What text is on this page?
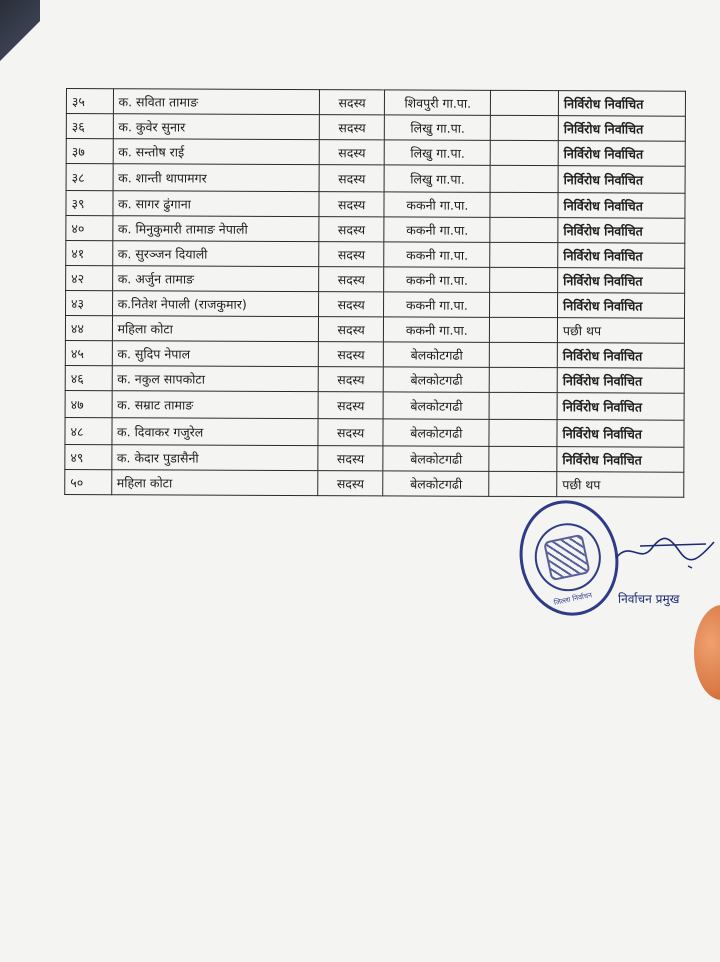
३५	क. सविता तामाङ	सदस्य	शिवपुरी गा.पा.		निर्विरोध निर्वाचित
३६	क. कुवेर सुनार	सदस्य	लिखु गा.पा.		निर्विरोध निर्वाचित
३७	क. सन्तोष राई	सदस्य	लिखु गा.पा.		निर्विरोध निर्वाचित
३८	क. शान्ती थापामगर	सदस्य	लिखु गा.पा.		निर्विरोध निर्वाचित
३९	क. सागर ढुंगाना	सदस्य	ककनी गा.पा.		निर्विरोध निर्वाचित
४०	क. मिनुकुमारी तामाङ नेपाली	सदस्य	ककनी गा.पा.		निर्विरोध निर्वाचित
४१	क. सुरञ्जन दियाली	सदस्य	ककनी गा.पा.		निर्विरोध निर्वाचित
४२	क. अर्जुन तामाङ	सदस्य	ककनी गा.पा.		निर्विरोध निर्वाचित
४३	क.नितेश नेपाली (राजकुमार)	सदस्य	ककनी गा.पा.		निर्विरोध निर्वाचित
४४	महिला कोटा	सदस्य	ककनी गा.पा.		पछी थप
४५	क. सुदिप नेपाल	सदस्य	बेलकोटगढी		निर्विरोध निर्वाचित
४६	क. नकुल सापकोटा	सदस्य	बेलकोटगढी		निर्विरोध निर्वाचित
४७	क. सम्राट तामाङ	सदस्य	बेलकोटगढी		निर्विरोध निर्वाचित
४८	क. दिवाकर गजुरेल	सदस्य	बेलकोटगढी		निर्विरोध निर्वाचित
४९	क. केदार पुडासैनी	सदस्य	बेलकोटगढी		निर्विरोध निर्वाचित
५०	महिला कोटा	सदस्य	बेलकोटगढी		पछी थप
जिल्ला निर्वाचन निर्वाचन प्रमुख
